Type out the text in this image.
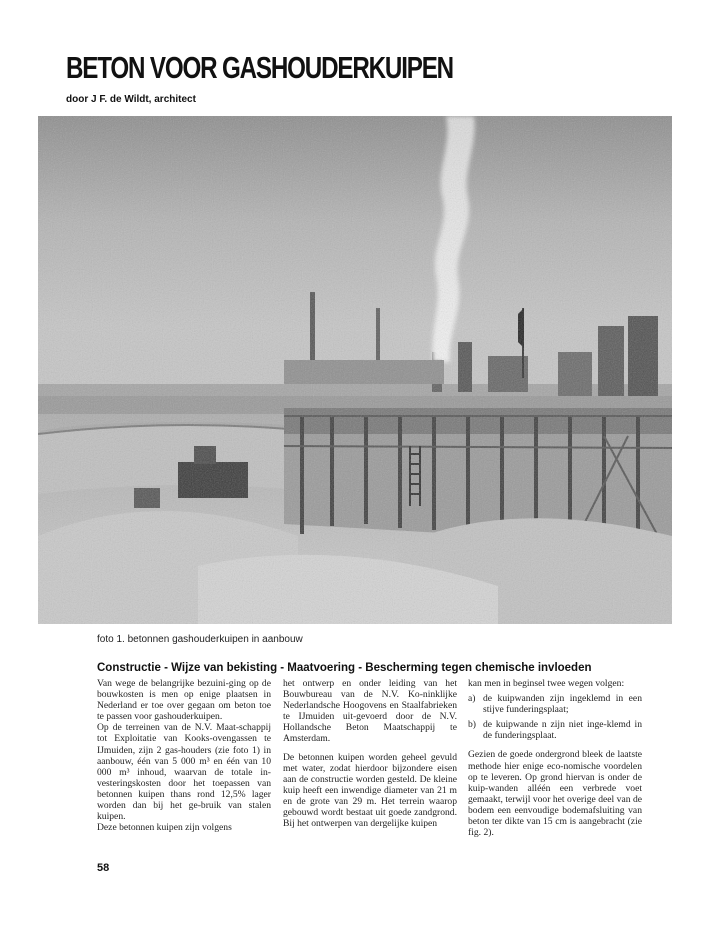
BETON VOOR GASHOUDERKUIPEN
door J F. de Wildt, architect
foto 1. betonnen gashouderkuipen in aanbouw
Constructie - Wijze van bekisting - Maatvoering - Bescherming tegen chemische invloeden

Van wege de belangrijke bezuini-ging op de bouwkosten is men op enige plaatsen in Nederland er toe over gegaan om beton toe te passen voor gashouderkuipen.

Op de terreinen van de N.V. Maat-schappij tot Exploitatie van Kooks-ovengassen te IJmuiden, zijn 2 gas-houders (zie foto 1) in aanbouw, één van 5 000 m³ en één van 10 000 m³ inhoud, waarvan de totale in-vesteringskosten door het toepassen van betonnen kuipen thans rond 12,5% lager worden dan bij het ge-bruik van stalen kuipen.

Deze betonnen kuipen zijn volgens

het ontwerp en onder leiding van het Bouwbureau van de N.V. Ko-ninklijke Nederlandsche Hoogovens en Staalfabrieken te IJmuiden uit-gevoerd door de N.V. Hollandsche Beton Maatschappij te Amsterdam.

De betonnen kuipen worden geheel gevuld met water, zodat hierdoor bijzondere eisen aan de constructie worden gesteld. De kleine kuip heeft een inwendige diameter van 21 m en de grote van 29 m. Het terrein waarop gebouwd wordt bestaat uit goede zandgrond. Bij het ontwerpen van dergelijke kuipen

kan men in beginsel twee wegen volgen:

a) de kuipwanden zijn ingeklemd in een stijve funderingsplaat;
b) de kuipwande n zijn niet inge-klemd in de funderingsplaat.

Gezien de goede ondergrond bleek de laatste methode hier enige eco-nomische voordelen op te leveren. Op grond hiervan is onder de kuip-wanden alléén een verbrede voet gemaakt, terwijl voor het overige deel van de bodem een eenvoudige bodemafsluiting van beton ter dikte van 15 cm is aangebracht (zie fig. 2).

58
